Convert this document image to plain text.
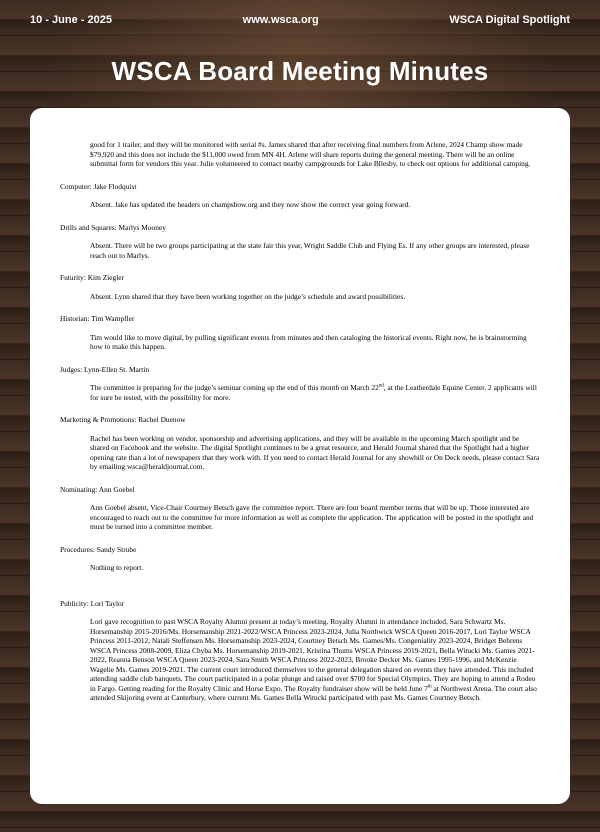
10 - June - 2025	www.wsca.org	WSCA Digital Spotlight
WSCA Board Meeting Minutes

good for 1 trailer, and they will be monitored with serial #s. James shared that after receiving final numbers from Arlene, 2024 Champ show made $79,920 and this does not include the $11,000 owed from MN 4H. Arlene will share reports during the general meeting. There will be an online submittal form for vendors this year. Julie volunteered to contact nearby campgrounds for Lake Bllesby, to check out options for additional camping.

Computer: Jake Flodquist

Absent. Jake has updated the headers on champshow.org and they now show the correct year going forward.

Drills and Squares: Marlys Mooney

Absent. There will be two groups participating at the state fair this year, Wright Saddle Club and Flying Es. If any other groups are interested, please reach out to Marlys.

Futurity: Kim Ziegler

Absent. Lynn shared that they have been working together on the judge’s schedule and award possibilities.

Historian: Tim Wampfler

Tim would like to move digital, by pulling significant events from minutes and then cataloging the historical events. Right now, he is brainstorming how to make this happen.

Judges: Lynn-Ellen St. Martin

The committee is preparing for the judge’s seminar coming up the end of this month on March 22nd, at the Leatherdale Equine Center. 2 applicants will for sure be tested, with the possibility for more.

Marketing & Promotions: Rachel Duenow

Rachel has been working on vendor, sponsorship and advertising applications, and they will be available in the upcoming March spotlight and be shared on Facebook and the website. The digital Spotlight continues to be a great resource, and Herald Journal shared that the Spotlight had a higher opening rate than a lot of newspapers that they work with. If you need to contact Herald Journal for any showbill or On Deck needs, please contact Sara by emailing wsca@heraldjournal.com.

Nominating: Ann Goebel

Ann Goebel absent, Vice-Chair Courtney Betsch gave the committee report. There are four board member terms that will be up. Those interested are encouraged to reach out to the committee for more information as well as complete the application. The application will be posted in the spotlight and must be turned into a committee member.

Procedures: Sandy Strube

Nothing to report.

Publicity: Lori Taylor

Lori gave recognition to past WSCA Royalty Alumni present at today’s meeting. Royalty Alumni in attendance included, Sara Schwartz Ms. Horsemanship 2015-2016/Ms. Horsemanship 2021-2022/WSCA Princess 2023-2024, Julia Northwick WSCA Queen 2016-2017, Lori Taylor WSCA Princess 2011-2012, Natali Steffensen Ms. Horsemanship 2023-2024, Courtney Betsch Ms. Games/Ms. Congeniality 2023-2024, Bridget Behrens WSCA Princess 2008-2009, Eliza Chyba Ms. Horsemanship 2019-2021, Kristina Thums WSCA Princess 2019-2021, Bella Witucki Ms. Games 2021-2022, Reanna Benson WSCA Queen 2023-2024, Sara Smith WSCA Princess 2022-2023, Brooke Decker Ms. Games 1995-1996, and McKenzie Wagelie Ms. Games 2019-2021. The current court introduced themselves to the general delegation shared on events they have attended. This included attending saddle club banquets. The court participated in a polar plunge and raised over $700 for Special Olympics. They are hoping to attend a Rodeo in Fargo. Getting reading for the Royalty Clinic and Horse Expo. The Royalty fundraiser show will be held June 7th at Northwest Arena. The court also attended Skijoring event at Canterbury, where current Ms. Games Bella Witucki participated with past Ms. Games Courtney Betsch.
